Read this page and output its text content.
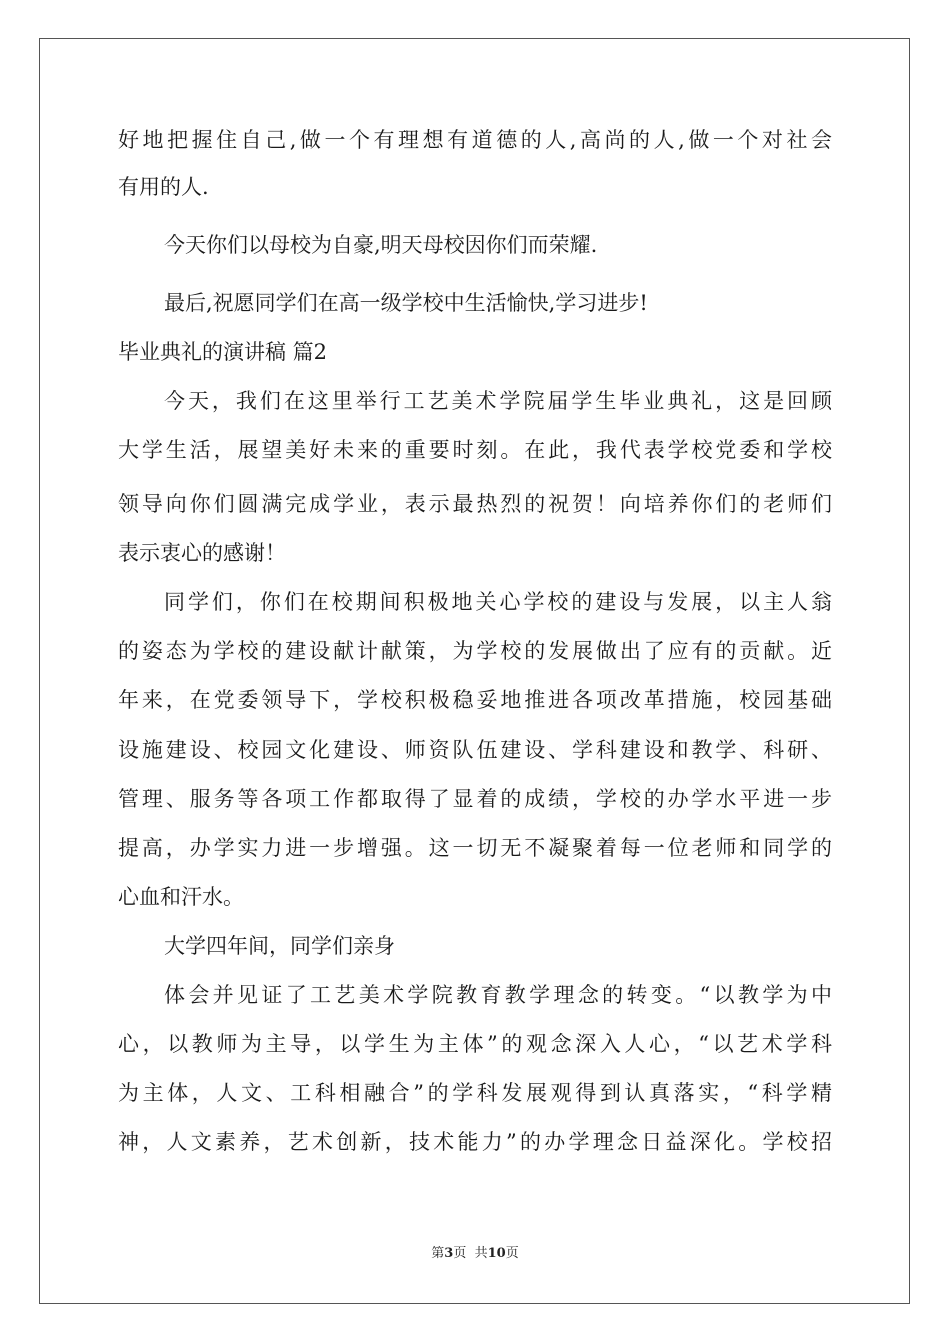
好地把握住自己,做一个有理想有道德的人,高尚的人,做一个对社会
有用的人.
今天你们以母校为自豪,明天母校因你们而荣耀.
最后,祝愿同学们在高一级学校中生活愉快,学习进步!
毕业典礼的演讲稿 篇2
今天，我们在这里举行工艺美术学院届学生毕业典礼，这是回顾
大学生活，展望美好未来的重要时刻。在此，我代表学校党委和学校
领导向你们圆满完成学业，表示最热烈的祝贺！向培养你们的老师们
表示衷心的感谢！
同学们，你们在校期间积极地关心学校的建设与发展，以主人翁
的姿态为学校的建设献计献策，为学校的发展做出了应有的贡献。近
年来，在党委领导下，学校积极稳妥地推进各项改革措施，校园基础
设施建设、校园文化建设、师资队伍建设、学科建设和教学、科研、
管理、服务等各项工作都取得了显着的成绩，学校的办学水平进一步
提高，办学实力进一步增强。这一切无不凝聚着每一位老师和同学的
心血和汗水。
大学四年间，同学们亲身
体会并见证了工艺美术学院教育教学理念的转变。“以教学为中
心，以教师为主导，以学生为主体”的观念深入人心，“以艺术学科
为主体，人文、工科相融合”的学科发展观得到认真落实，“科学精
神，人文素养，艺术创新，技术能力”的办学理念日益深化。学校招
第3页  共10页
